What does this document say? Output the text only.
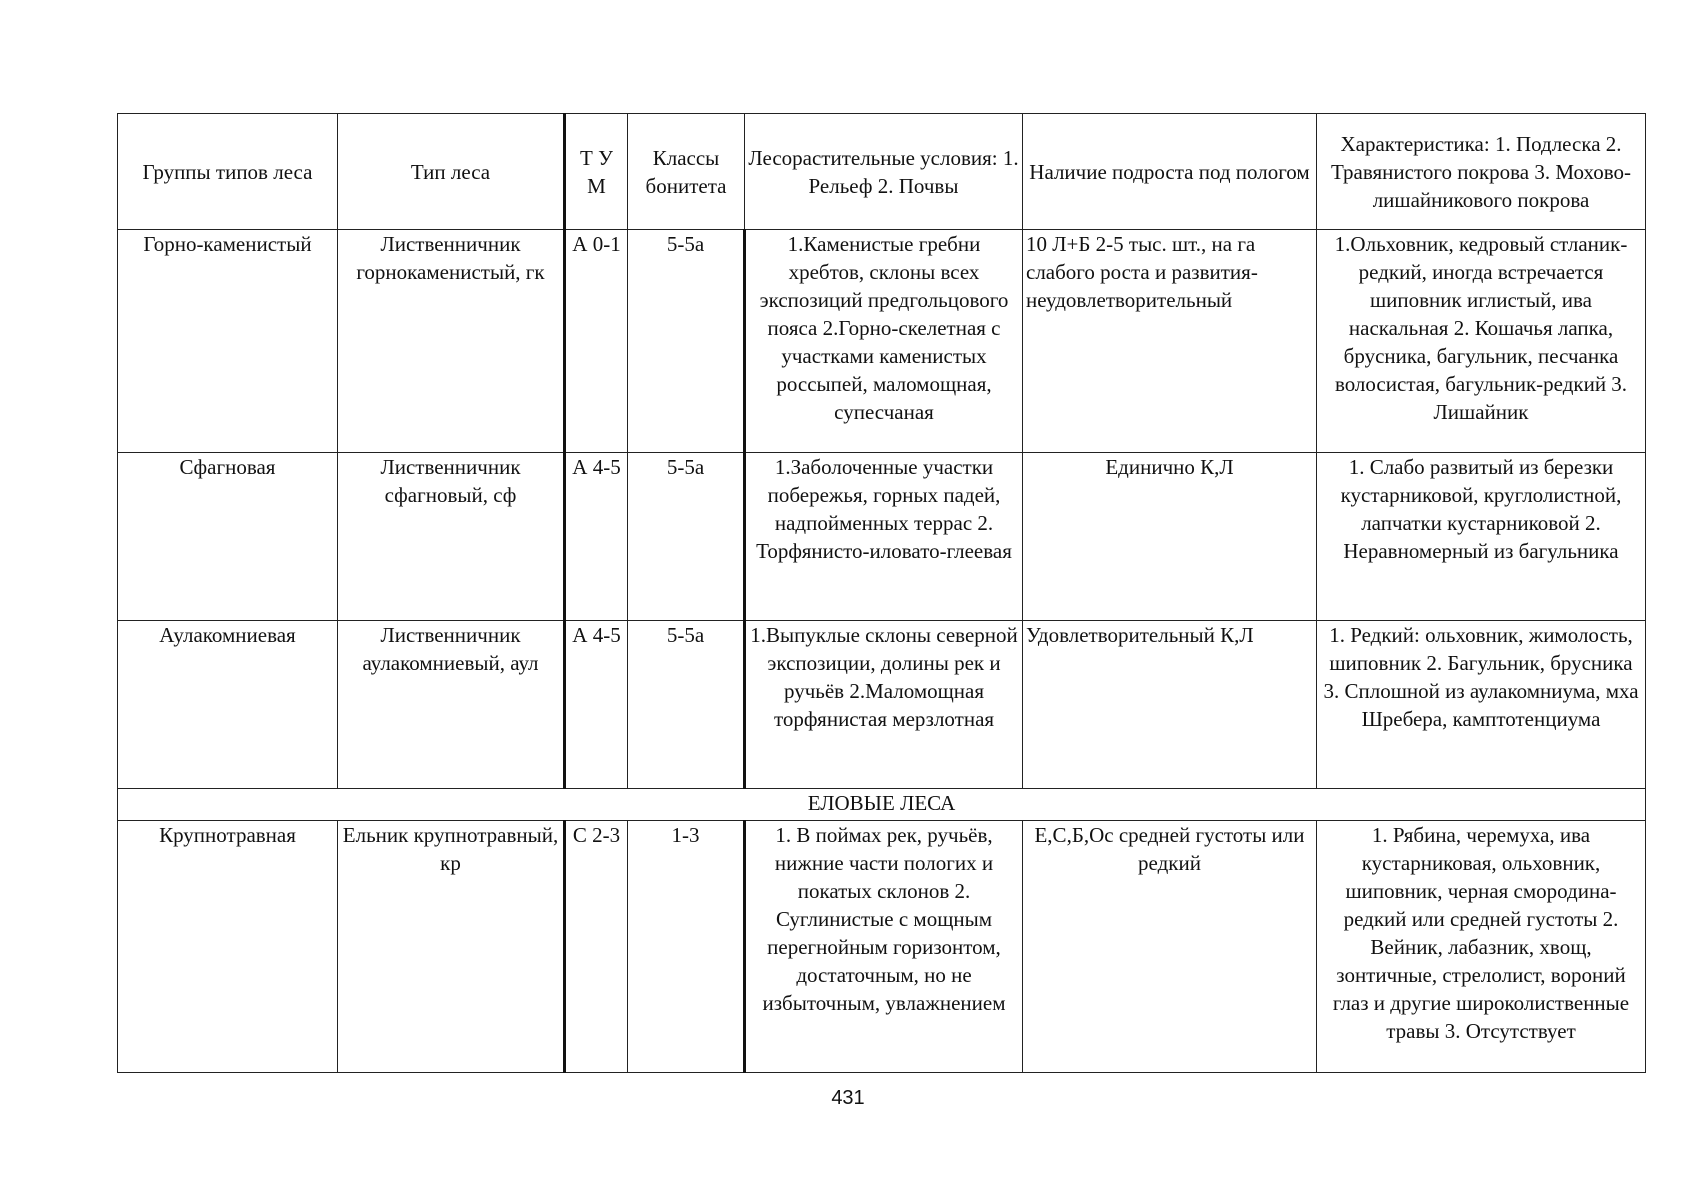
Группы типов леса	Тип леса	Т У М	Классы бонитета	Лесорастительные условия: 1. Рельеф 2. Почвы	Наличие подроста под пологом	Характеристика: 1. Подлеска 2. Травянистого покрова 3. Мохово-лишайникового покрова
Горно-каменистый	Лиственничник горнокаменистый, гк	А 0-1	5-5а	1.Каменистые гребни хребтов, склоны всех экспозиций предгольцового пояса 2.Горно-скелетная с участками каменистых россыпей, маломощная, супесчаная	10 Л+Б 2-5 тыс. шт., на га слабого роста и развития-неудовлетворительный	1.Ольховник, кедровый стланик-редкий, иногда встречается шиповник иглистый, ива наскальная 2. Кошачья лапка, брусника, багульник, песчанка волосистая, багульник-редкий 3. Лишайник
Сфагновая	Лиственничник сфагновый, сф	А 4-5	5-5а	1.Заболоченные участки побережья, горных падей, надпойменных террас 2. Торфянисто-иловато-глеевая	Единично К,Л	1. Слабо развитый из березки кустарниковой, круглолистной, лапчатки кустарниковой 2. Неравномерный из багульника
Аулакомниевая	Лиственничник аулакомниевый, аул	А 4-5	5-5а	1.Выпуклые склоны северной экспозиции, долины рек и ручьёв 2.Маломощная торфянистая мерзлотная	Удовлетворительный К,Л	1. Редкий: ольховник, жимолость, шиповник 2. Багульник, брусника 3. Сплошной из аулакомниума, мха Шребера, камптотенциума
ЕЛОВЫЕ ЛЕСА						
Крупнотравная	Ельник крупнотравный, кр	С 2-3	1-3	1. В поймах рек, ручьёв, нижние части пологих и покатых склонов 2. Суглинистые с мощным перегнойным горизонтом, достаточным, но не избыточным, увлажнением	Е,С,Б,Ос средней густоты или редкий	1. Рябина, черемуха, ива кустарниковая, ольховник, шиповник, черная смородина-редкий или средней густоты 2. Вейник, лабазник, хвощ, зонтичные, стрелолист, вороний глаз и другие широколиственные травы 3. Отсутствует
431
